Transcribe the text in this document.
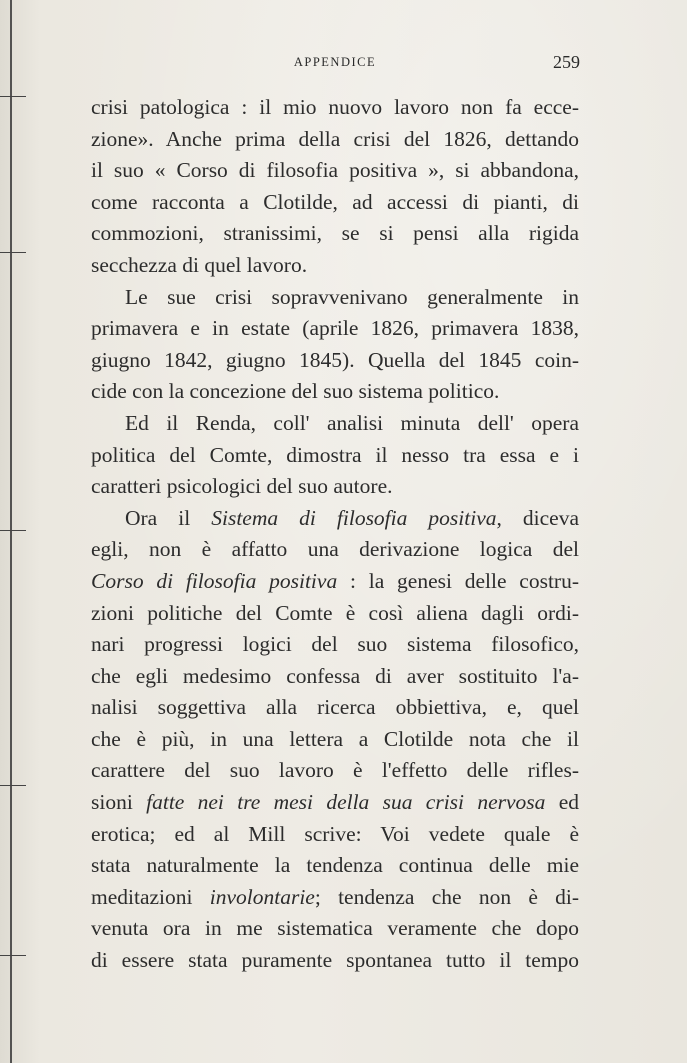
APPENDICE	259
crisi patologica : il mio nuovo lavoro non fa ecce-
zione». Anche prima della crisi del 1826, dettando
il suo « Corso di filosofia positiva », si abbandona,
come racconta a Clotilde, ad accessi di pianti, di
commozioni, stranissimi, se si pensi alla rigida
secchezza di quel lavoro.
Le sue crisi sopravvenivano generalmente in
primavera e in estate (aprile 1826, primavera 1838,
giugno 1842, giugno 1845). Quella del 1845 coin-
cide con la concezione del suo sistema politico.
Ed il Renda, coll' analisi minuta dell' opera
politica del Comte, dimostra il nesso tra essa e i
caratteri psicologici del suo autore.
Ora il Sistema di filosofia positiva, diceva
egli, non è affatto una derivazione logica del
Corso di filosofia positiva : la genesi delle costru-
zioni politiche del Comte è così aliena dagli ordi-
nari progressi logici del suo sistema filosofico,
che egli medesimo confessa di aver sostituito l'a-
nalisi soggettiva alla ricerca obbiettiva, e, quel
che è più, in una lettera a Clotilde nota che il
carattere del suo lavoro è l'effetto delle rifles-
sioni fatte nei tre mesi della sua crisi nervosa ed
erotica; ed al Mill scrive: Voi vedete quale è
stata naturalmente la tendenza continua delle mie
meditazioni involontarie; tendenza che non è di-
venuta ora in me sistematica veramente che dopo
di essere stata puramente spontanea tutto il tempo
